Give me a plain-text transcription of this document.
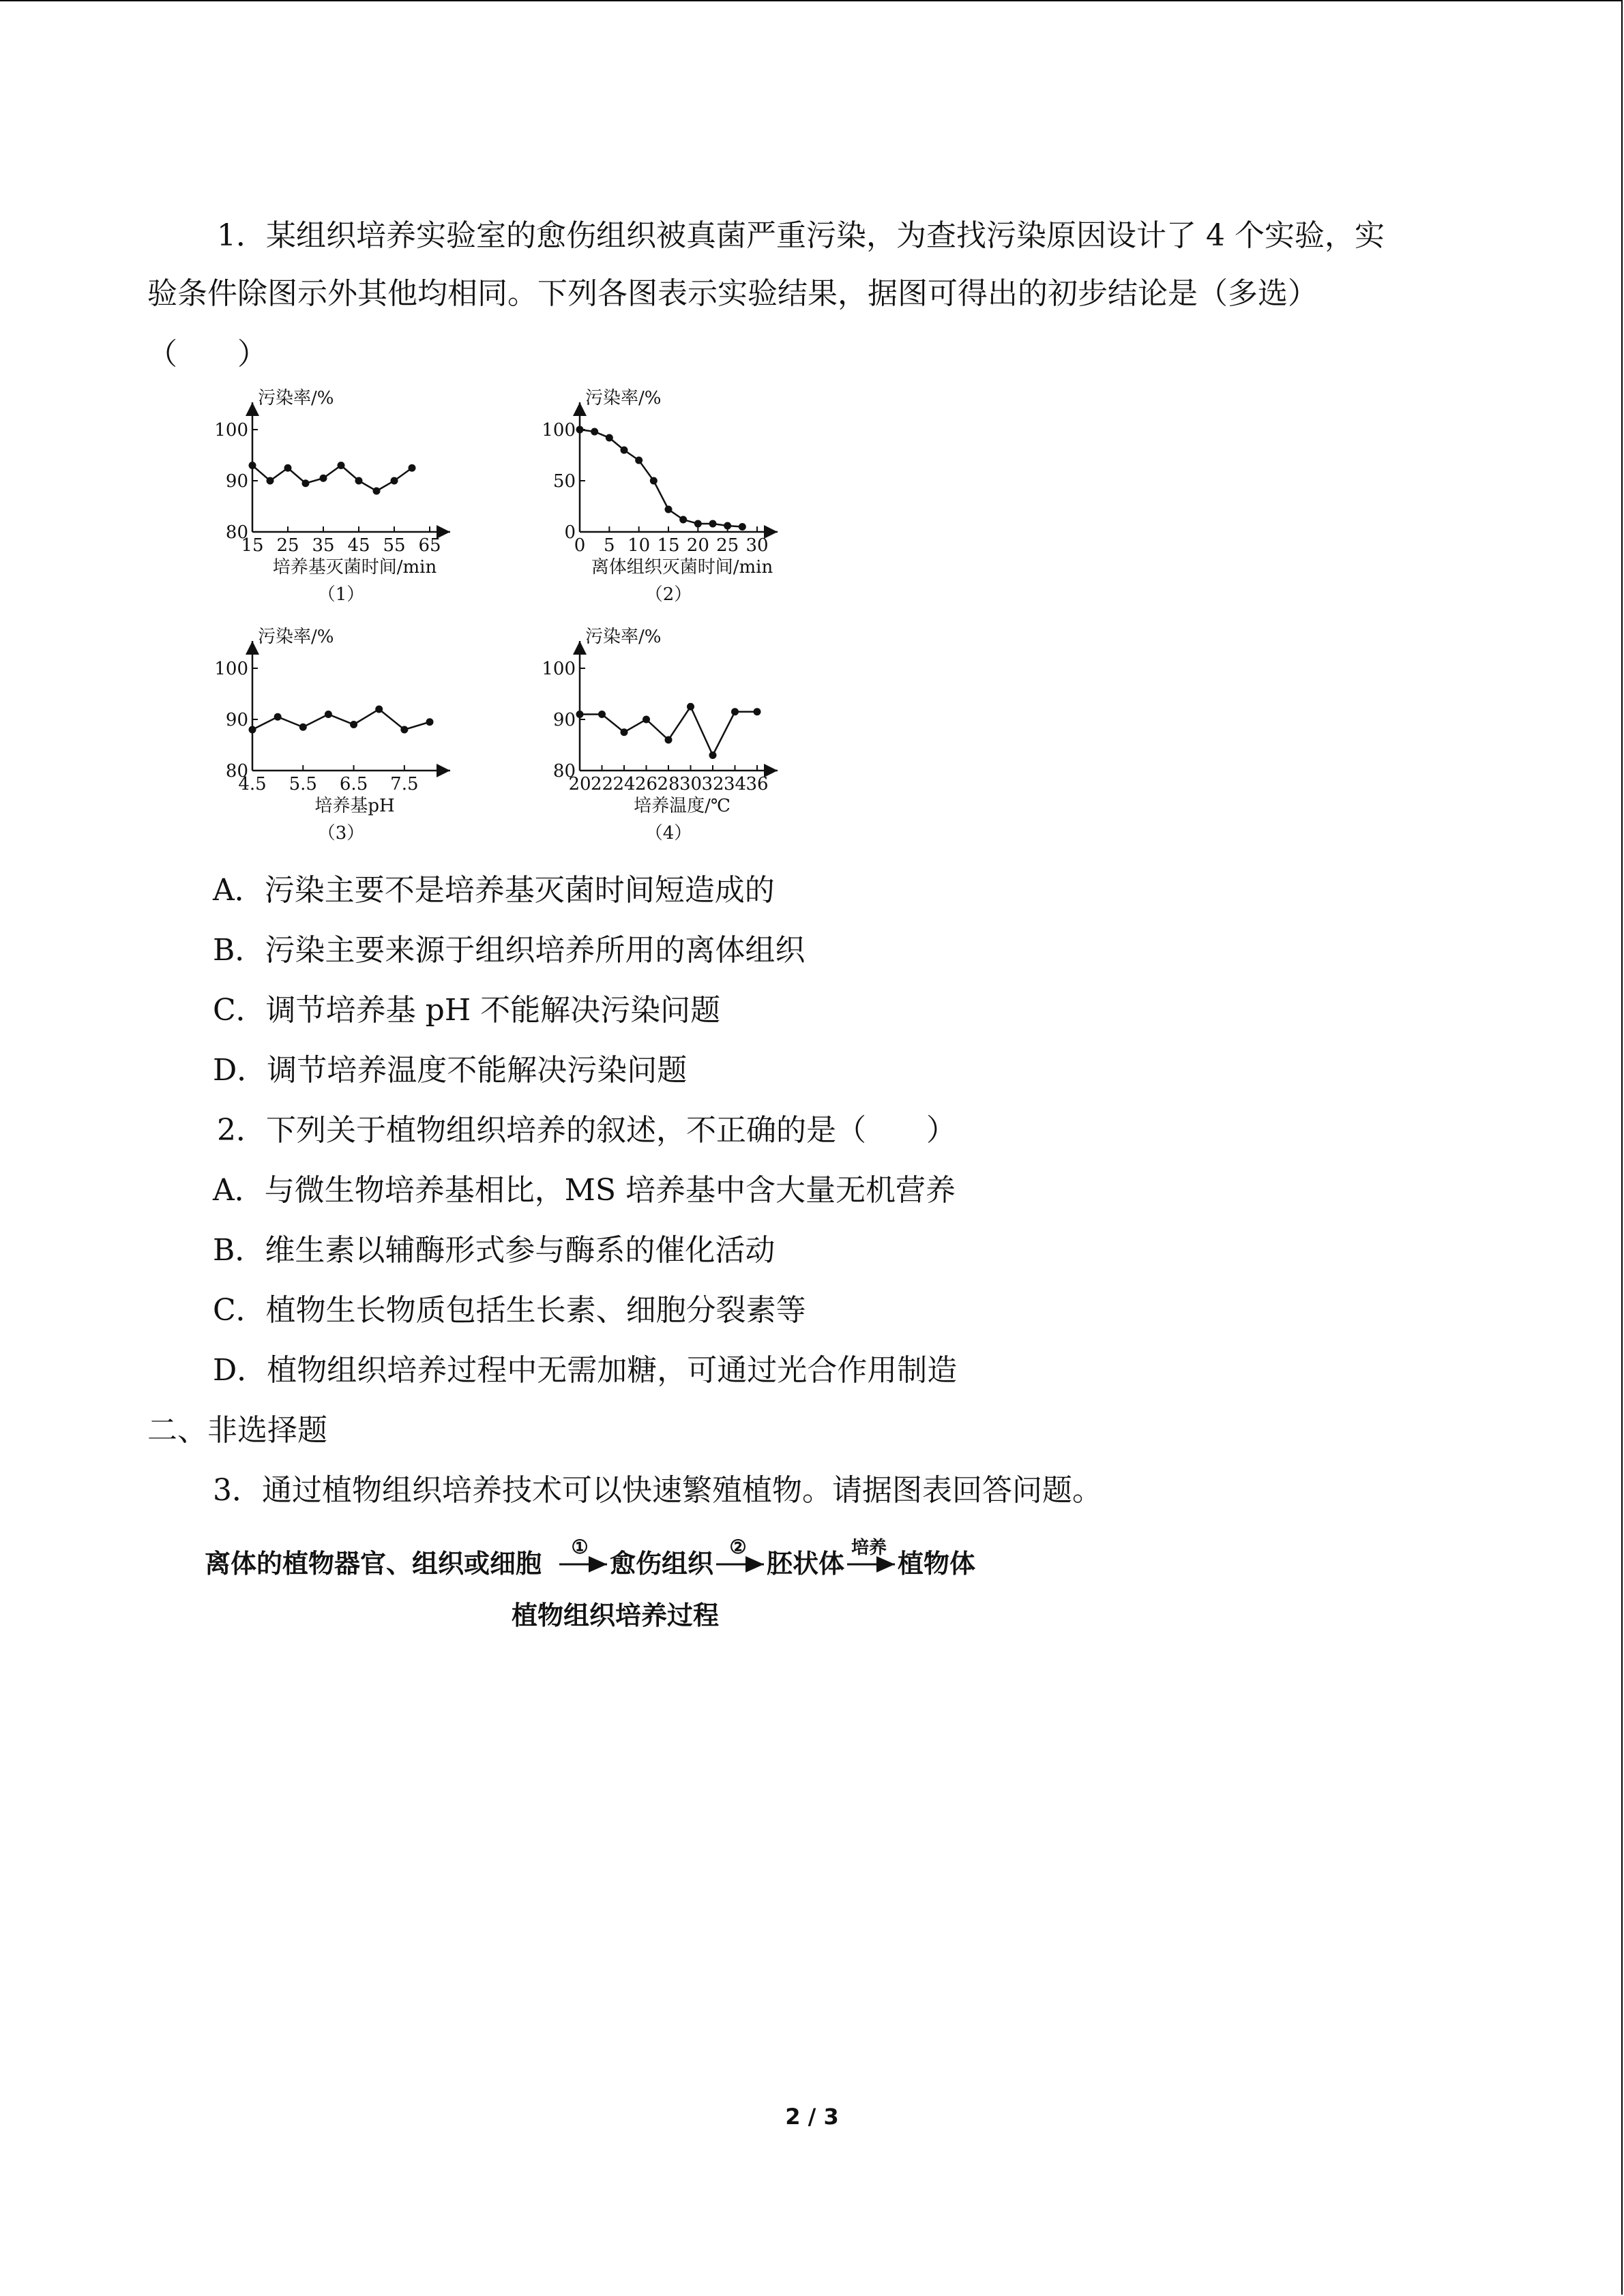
1．某组织培养实验室的愈伤组织被真菌严重污染，为查找污染原因设计了 4 个实验，实
验条件除图示外其他均相同。下列各图表示实验结果，据图可得出的初步结论是（多选）
（　　）
污染率/%
80
90
100
15 25 35 45 55 65
培养基灭菌时间/min
（1）
污染率/%
0
50
100
0 5 10 15 20 25 30
离体组织灭菌时间/min
（2）
污染率/%
80
90
100
4.5 5.5 6.5 7.5
培养基pH
（3）
污染率/%
80
90
100
20 22 24 26 28 30 32 34 36
培养温度/℃
（4）
A．污染主要不是培养基灭菌时间短造成的
B．污染主要来源于组织培养所用的离体组织
C．调节培养基 pH 不能解决污染问题
D．调节培养温度不能解决污染问题
2．下列关于植物组织培养的叙述，不正确的是（　　）
A．与微生物培养基相比，MS 培养基中含大量无机营养
B．维生素以辅酶形式参与酶系的催化活动
C．植物生长物质包括生长素、细胞分裂素等
D．植物组织培养过程中无需加糖，可通过光合作用制造
二、非选择题
3．通过植物组织培养技术可以快速繁殖植物。请据图表回答问题。
离体的植物器官、组织或细胞
①
愈伤组织
②
胚状体 培养 植物体
植物组织培养过程
2 / 3
